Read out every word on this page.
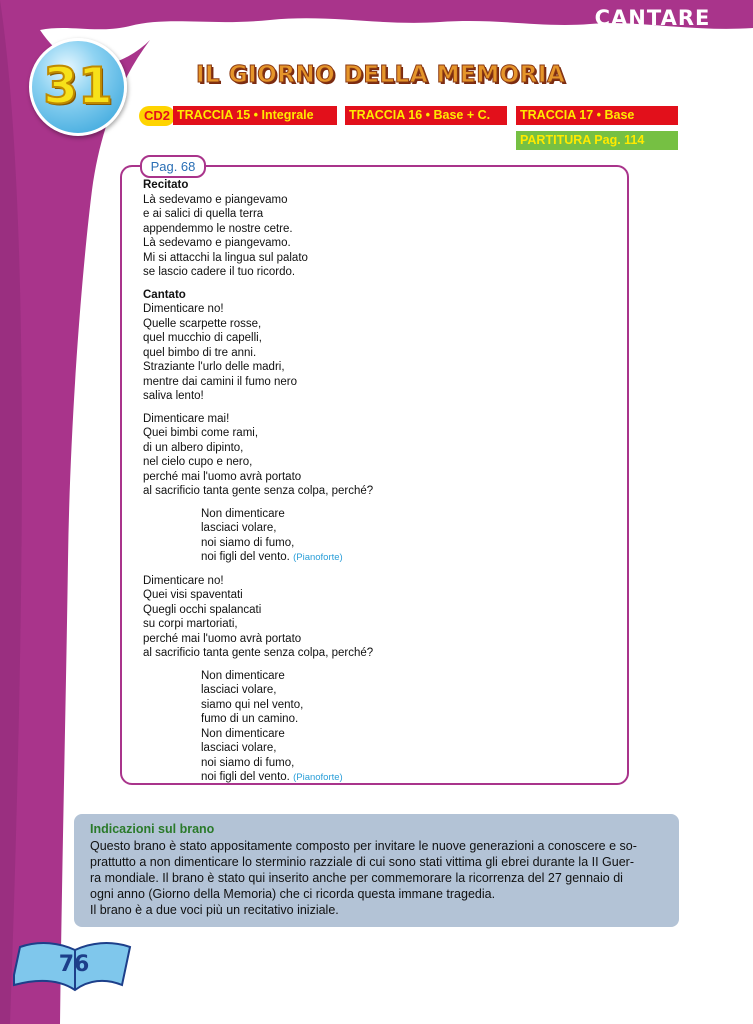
CANTARE
31	IL GIORNO DELLA MEMORIA
CD2 TRACCIA 15 • Integrale	TRACCIA 16 • Base + C.	TRACCIA 17 • Base
PARTITURA Pag. 114
Pag. 68
Recitato
Là sedevamo e piangevamo
e ai salici di quella terra
appendemmo le nostre cetre.
Là sedevamo e piangevamo.
Mi si attacchi la lingua sul palato
se lascio cadere il tuo ricordo.
Cantato
Dimenticare no!
Quelle scarpette rosse,
quel mucchio di capelli,
quel bimbo di tre anni.
Straziante l'urlo delle madri,
mentre dai camini il fumo nero
saliva lento!
Dimenticare mai!
Quei bimbi come rami,
di un albero dipinto,
nel cielo cupo e nero,
perché mai l'uomo avrà portato
al sacrificio tanta gente senza colpa, perché?
Non dimenticare
lasciaci volare,
noi siamo di fumo,
noi figli del vento. (Pianoforte)
Dimenticare no!
Quei visi spaventati
Quegli occhi spalancati
su corpi martoriati,
perché mai l'uomo avrà portato
al sacrificio tanta gente senza colpa, perché?
Non dimenticare
lasciaci volare,
siamo qui nel vento,
fumo di un camino.
Non dimenticare
lasciaci volare,
noi siamo di fumo,
noi figli del vento. (Pianoforte)
Indicazioni sul brano
Questo brano è stato appositamente composto per invitare le nuove generazioni a conoscere e so-
prattutto a non dimenticare lo sterminio razziale di cui sono stati vittima gli ebrei durante la II Guer-
ra mondiale. Il brano è stato qui inserito anche per commemorare la ricorrenza del 27 gennaio di
ogni anno (Giorno della Memoria) che ci ricorda questa immane tragedia.
Il brano è a due voci più un recitativo iniziale.
76
